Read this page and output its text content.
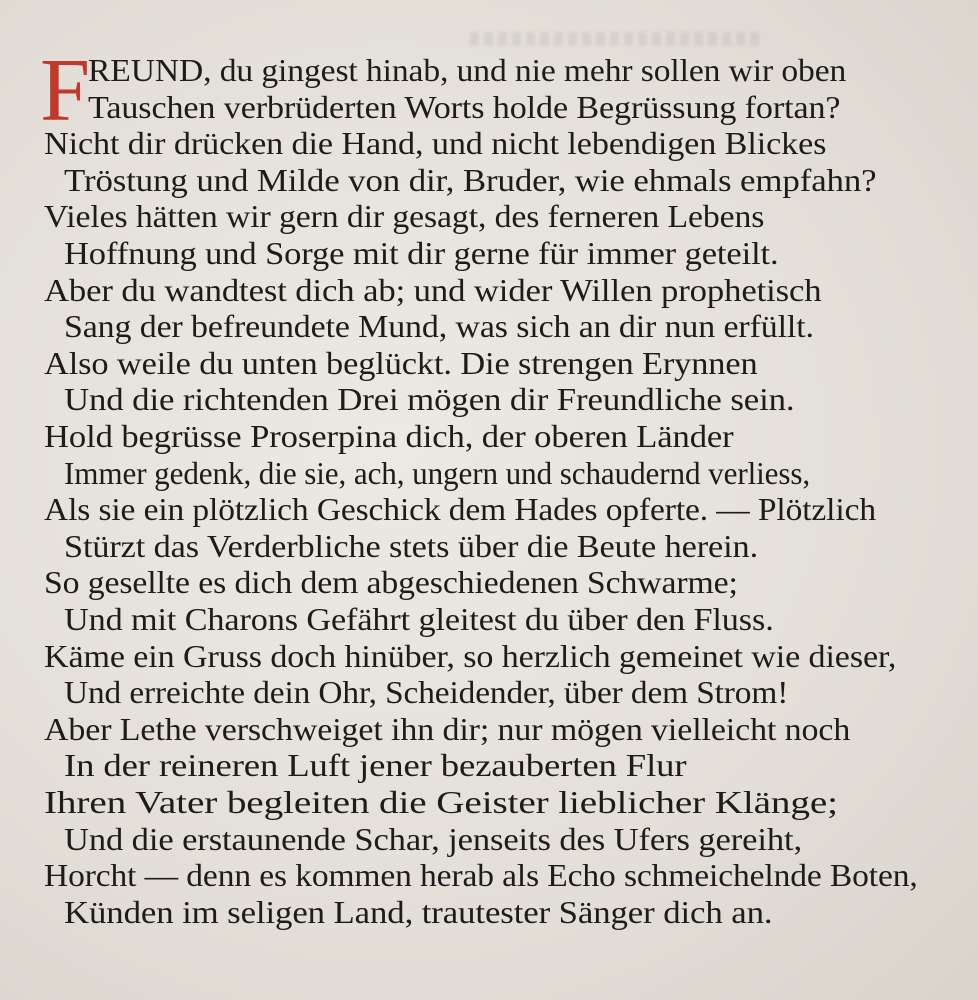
F
REUND, du gingest hinab, und nie mehr sollen wir oben
Tauschen verbrüderten Worts holde Begrüssung fortan?
Nicht dir drücken die Hand, und nicht lebendigen Blickes
Tröstung und Milde von dir, Bruder, wie ehmals empfahn?
Vieles hätten wir gern dir gesagt, des ferneren Lebens
Hoffnung und Sorge mit dir gerne für immer geteilt.
Aber du wandtest dich ab; und wider Willen prophetisch
Sang der befreundete Mund, was sich an dir nun erfüllt.
Also weile du unten beglückt. Die strengen Erynnen
Und die richtenden Drei mögen dir Freundliche sein.
Hold begrüsse Proserpina dich, der oberen Länder
Immer gedenk, die sie, ach, ungern und schaudernd verliess,
Als sie ein plötzlich Geschick dem Hades opferte. — Plötzlich
Stürzt das Verderbliche stets über die Beute herein.
So gesellte es dich dem abgeschiedenen Schwarme;
Und mit Charons Gefährt gleitest du über den Fluss.
Käme ein Gruss doch hinüber, so herzlich gemeinet wie dieser,
Und erreichte dein Ohr, Scheidender, über dem Strom!
Aber Lethe verschweiget ihn dir; nur mögen vielleicht noch
In der reineren Luft jener bezauberten Flur
Ihren Vater begleiten die Geister lieblicher Klänge;
Und die erstaunende Schar, jenseits des Ufers gereiht,
Horcht — denn es kommen herab als Echo schmeichelnde Boten,
Künden im seligen Land, trautester Sänger dich an.
